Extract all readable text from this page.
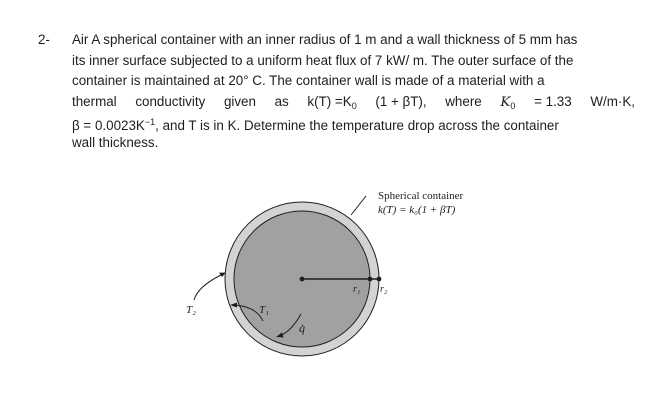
2- Air A spherical container with an inner radius of 1 m and a wall thickness of 5 mm has
its inner surface subjected to a uniform heat flux of 7 kW/ m. The outer surface of the
container is maintained at 20° C. The container wall is made of a material with a
thermal conductivity given as $k(T) =K_0$ (1 + βT), where $K_0 = 1.33$ W/m·K,
$\beta = 0.0023K^{-1}$, and T is in K. Determine the temperature drop across the container
wall thickness.
Spherical container
k(T) = k₀(1 + βT)
T₂	T₁
r₁ r₂
q̇
